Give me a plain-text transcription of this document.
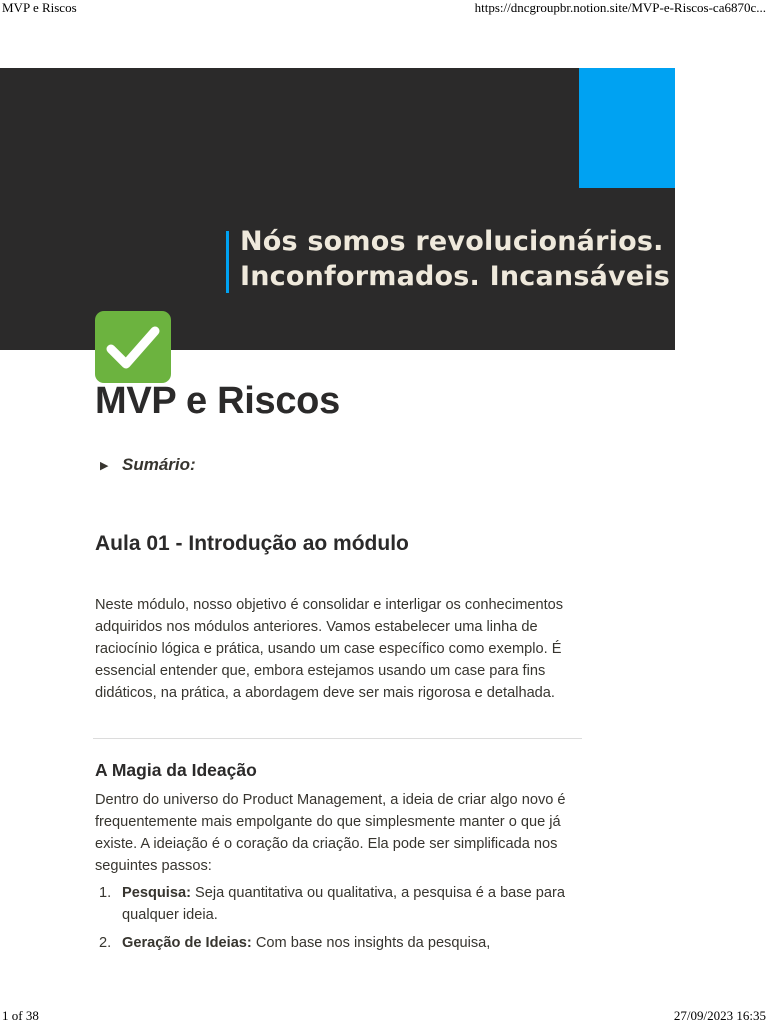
MVP e Riscos	https://dncgroupbr.notion.site/MVP-e-Riscos-ca6870c...
Nós somos revolucionários.
Inconformados. Incansáveis
MVP e Riscos
▶ Sumário:
Aula 01 - Introdução ao módulo

Neste módulo, nosso objetivo é consolidar e interligar os conhecimentos adquiridos nos módulos anteriores. Vamos estabelecer uma linha de raciocínio lógica e prática, usando um case específico como exemplo. É essencial entender que, embora estejamos usando um case para fins didáticos, na prática, a abordagem deve ser mais rigorosa e detalhada.

A Magia da Ideação

Dentro do universo do Product Management, a ideia de criar algo novo é frequentemente mais empolgante do que simplesmente manter o que já existe. A ideiação é o coração da criação. Ela pode ser simplificada nos seguintes passos:

1. Pesquisa: Seja quantitativa ou qualitativa, a pesquisa é a base para qualquer ideia.
2. Geração de Ideias: Com base nos insights da pesquisa,
1 of 38	27/09/2023 16:35
